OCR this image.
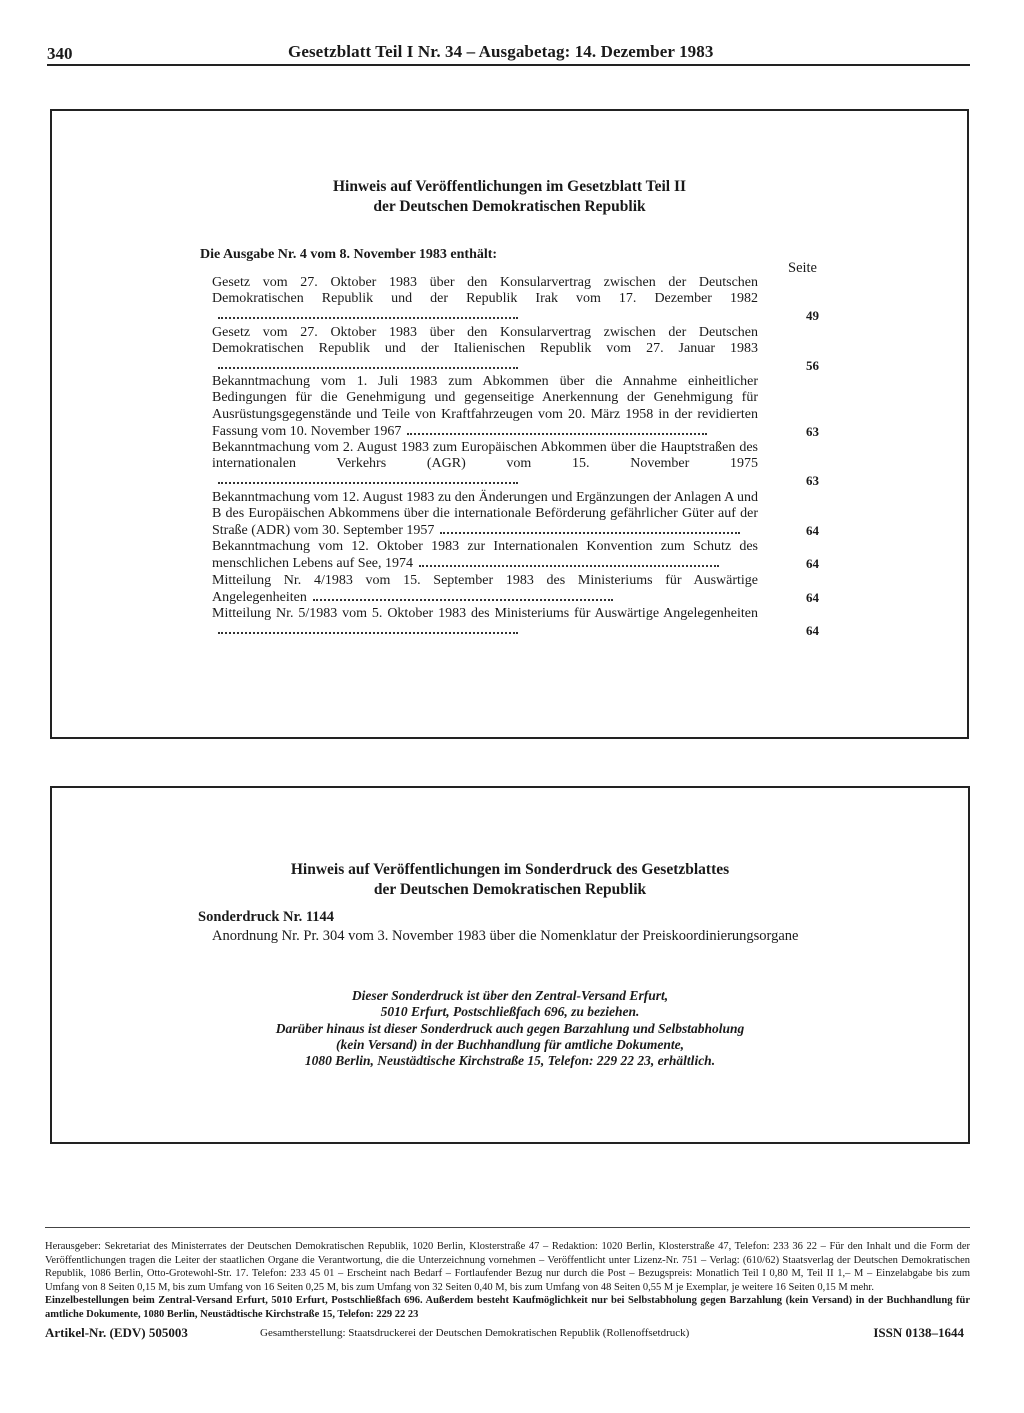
340	Gesetzblatt Teil I Nr. 34 – Ausgabetag: 14. Dezember 1983
Hinweis auf Veröffentlichungen im Gesetzblatt Teil II
der Deutschen Demokratischen Republik
Die Ausgabe Nr. 4 vom 8. November 1983 enthält:
Seite
Gesetz vom 27. Oktober 1983 über den Konsularvertrag zwischen der Deutschen Demokratischen Republik und der Republik Irak vom 17. Dezember 1982
49
Gesetz vom 27. Oktober 1983 über den Konsularvertrag zwischen der Deutschen Demokratischen Republik und der Italienischen Republik vom 27. Januar 1983
56
Bekanntmachung vom 1. Juli 1983 zum Abkommen über die Annahme einheitlicher Bedingungen für die Genehmigung und gegenseitige Anerkennung der Genehmigung für Ausrüstungsgegenstände und Teile von Kraftfahrzeugen vom 20. März 1958 in der revidierten Fassung vom 10. November 1967	63
Bekanntmachung vom 2. August 1983 zum Europäischen Abkommen über die Hauptstraßen des internationalen Verkehrs (AGR) vom 15. November 1975
63
Bekanntmachung vom 12. August 1983 zu den Änderungen und Ergänzungen der Anlagen A und B des Europäischen Abkommens über die internationale Beförderung gefährlicher Güter auf der Straße (ADR) vom 30. September 1957	64
Bekanntmachung vom 12. Oktober 1983 zur Internationalen Konvention zum Schutz des menschlichen Lebens auf See, 1974	64
Mitteilung Nr. 4/1983 vom 15. September 1983 des Ministeriums für Auswärtige Angelegenheiten	64
Mitteilung Nr. 5/1983 vom 5. Oktober 1983 des Ministeriums für Auswärtige Angelegenheiten
64
Hinweis auf Veröffentlichungen im Sonderdruck des Gesetzblattes
der Deutschen Demokratischen Republik
Sonderdruck Nr. 1144
Anordnung Nr. Pr. 304 vom 3. November 1983 über die Nomenklatur der Preiskoordinierungsorgane
Dieser Sonderdruck ist über den Zentral-Versand Erfurt,
5010 Erfurt, Postschließfach 696, zu beziehen.
Darüber hinaus ist dieser Sonderdruck auch gegen Barzahlung und Selbstabholung
(kein Versand) in der Buchhandlung für amtliche Dokumente,
1080 Berlin, Neustädtische Kirchstraße 15, Telefon: 229 22 23, erhältlich.

Herausgeber: Sekretariat des Ministerrates der Deutschen Demokratischen Republik, 1020 Berlin, Klosterstraße 47 – Redaktion: 1020 Berlin, Klosterstraße 47, Telefon: 233 36 22 – Für den Inhalt und die Form der Veröffentlichungen tragen die Leiter der staatlichen Organe die Verantwortung, die die Unterzeichnung vornehmen – Veröffentlicht unter Lizenz-Nr. 751 – Verlag: (610/62) Staatsverlag der Deutschen Demokratischen Republik, 1086 Berlin, Otto-Grotewohl-Str. 17. Telefon: 233 45 01 – Erscheint nach Bedarf – Fortlaufender Bezug nur durch die Post – Bezugspreis: Monatlich Teil I 0,80 M, Teil II 1,– M – Einzelabgabe bis zum Umfang von 8 Seiten 0,15 M, bis zum Umfang von 16 Seiten 0,25 M, bis zum Umfang von 32 Seiten 0,40 M, bis zum Umfang von 48 Seiten 0,55 M je Exemplar, je weitere 16 Seiten 0,15 M mehr.

Einzelbestellungen beim Zentral-Versand Erfurt, 5010 Erfurt, Postschließfach 696. Außerdem besteht Kaufmöglichkeit nur bei Selbstabholung gegen Barzahlung (kein Versand) in der Buchhandlung für amtliche Dokumente, 1080 Berlin, Neustädtische Kirchstraße 15, Telefon: 229 22 23

Artikel-Nr. (EDV) 505003	Gesamtherstellung: Staatsdruckerei der Deutschen Demokratischen Republik (Rollenoffsetdruck)	ISSN 0138–1644
